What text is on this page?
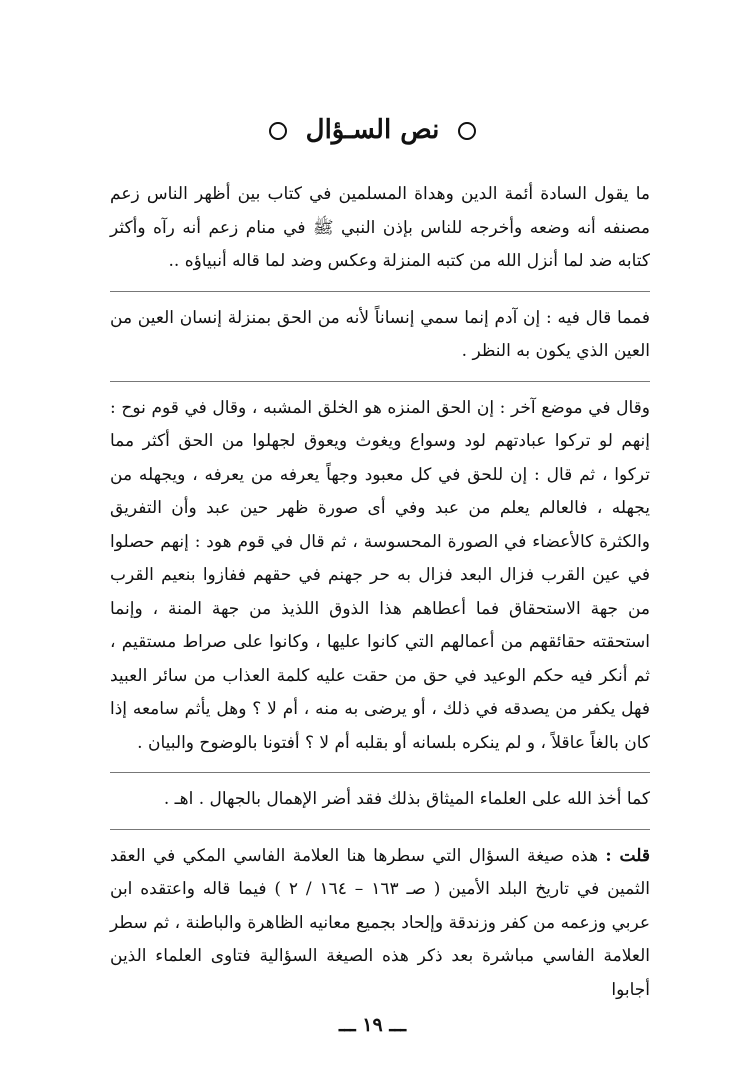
نص السـؤال

ما يقول السادة أئمة الدين وهداة المسلمين في كتاب بين أظهر الناس زعم مصنفه أنه وضعه وأخرجه للناس بإذن النبي ﷺ في منام زعم أنه رآه وأكثر كتابه ضد لما أنزل الله من كتبه المنزلة وعكس وضد لما قاله أنبياؤه ..

فمما قال فيه : إن آدم إنما سمي إنساناً لأنه من الحق بمنزلة إنسان العين من العين الذي يكون به النظر .

وقال في موضع آخر : إن الحق المنزه هو الخلق المشبه ، وقال في قوم نوح : إنهم لو تركوا عبادتهم لود وسواع ويغوث ويعوق لجهلوا من الحق أكثر مما تركوا ، ثم قال : إن للحق في كل معبود وجهاً يعرفه من يعرفه ، ويجهله من يجهله ، فالعالم يعلم من عبد وفي أى صورة ظهر حين عبد وأن التفريق والكثرة كالأعضاء في الصورة المحسوسة ، ثم قال في قوم هود : إنهم حصلوا في عين القرب فزال البعد فزال به حر جهنم في حقهم ففازوا بنعيم القرب من جهة الاستحقاق فما أعطاهم هذا الذوق اللذيذ من جهة المنة ، وإنما استحقته حقائقهم من أعمالهم التي كانوا عليها ، وكانوا على صراط مستقيم ، ثم أنكر فيه حكم الوعيد في حق من حقت عليه كلمة العذاب من سائر العبيد فهل يكفر من يصدقه في ذلك ، أو يرضى به منه ، أم لا ؟ وهل يأثم سامعه إذا كان بالغاً عاقلاً ، و لم ينكره بلسانه أو بقلبه أم لا ؟ أفتونا بالوضوح والبيان .

كما أخذ الله على العلماء الميثاق بذلك فقد أضر الإهمال بالجهال . اهـ .

قلت : هذه صيغة السؤال التي سطرها هنا العلامة الفاسي المكي في العقد الثمين في تاريخ البلد الأمين ( صـ ١٦٣ – ١٦٤ / ٢ ) فيما قاله واعتقده ابن عربي وزعمه من كفر وزندقة وإلحاد بجميع معانيه الظاهرة والباطنة ، ثم سطر العلامة الفاسي مباشرة بعد ذكر هذه الصيغة السؤالية فتاوى العلماء الذين أجابوا

ـــ ١٩ ـــ
